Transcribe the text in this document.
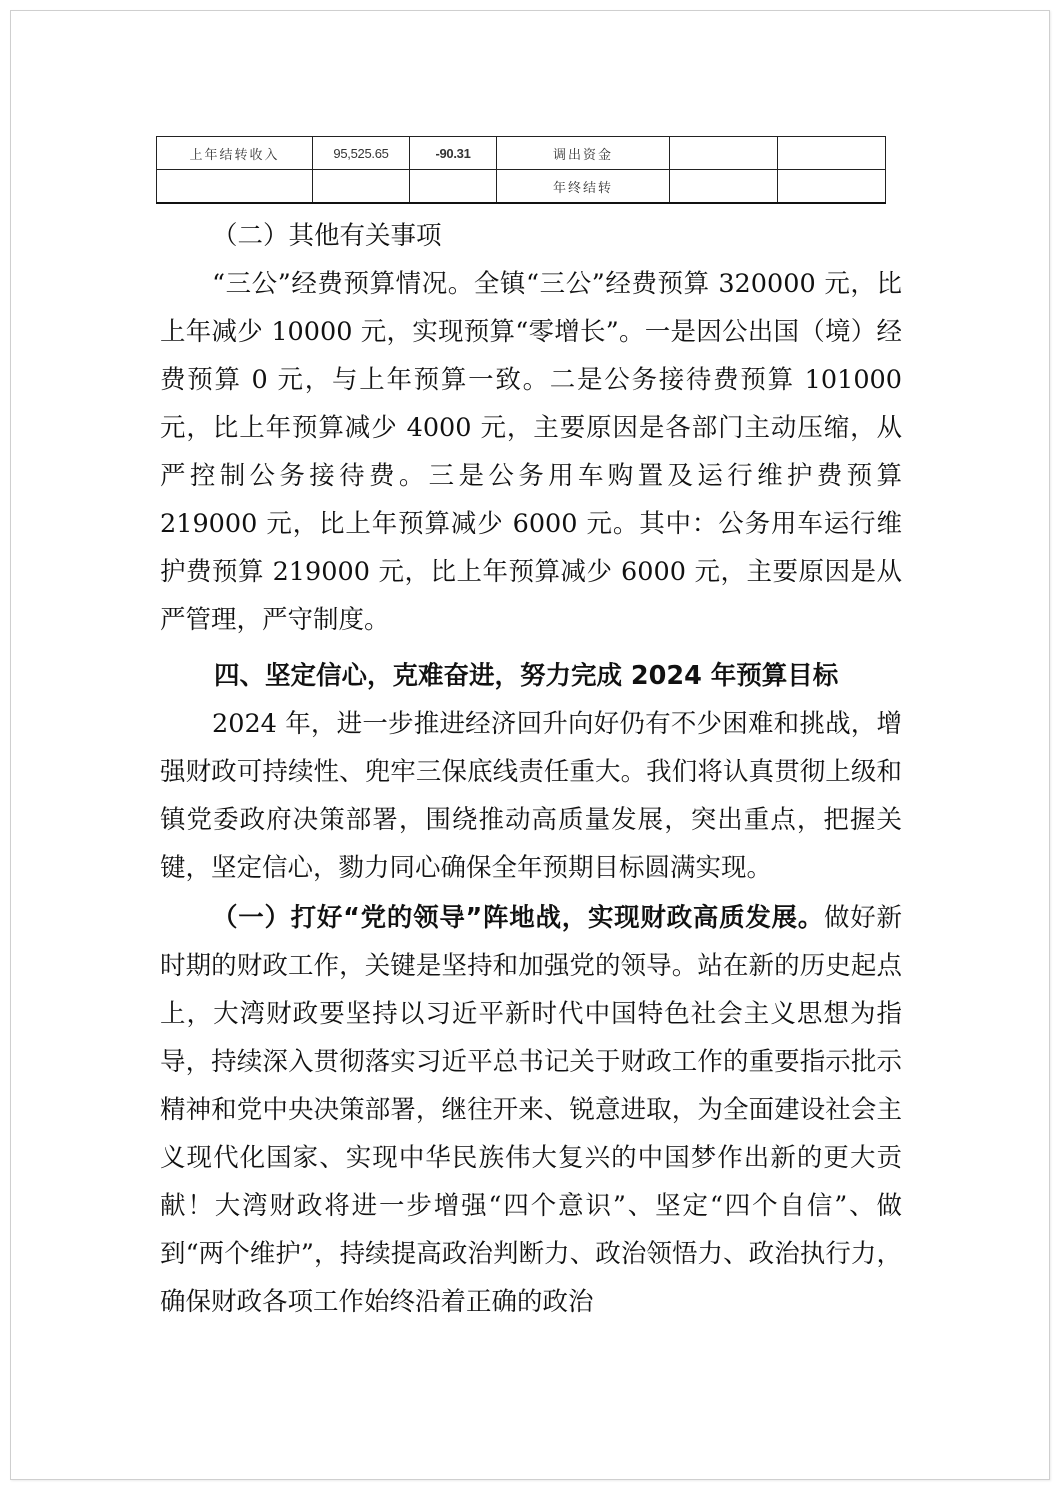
上年结转收入	95,525.65	-90.31	调出资金		
			年终结转		

（二）其他有关事项

“三公”经费预算情况。全镇“三公”经费预算 320000 元，比上年减少 10000 元，实现预算“零增长”。一是因公出国（境）经费预算 0 元，与上年预算一致。二是公务接待费预算 101000 元，比上年预算减少 4000 元，主要原因是各部门主动压缩，从严控制公务接待费。三是公务用车购置及运行维护费预算 219000 元，比上年预算减少 6000 元。其中：公务用车运行维护费预算 219000 元，比上年预算减少 6000 元，主要原因是从严管理，严守制度。

四、坚定信心，克难奋进，努力完成 2024 年预算目标

2024 年，进一步推进经济回升向好仍有不少困难和挑战，增强财政可持续性、兜牢三保底线责任重大。我们将认真贯彻上级和镇党委政府决策部署，围绕推动高质量发展，突出重点，把握关键，坚定信心，勠力同心确保全年预期目标圆满实现。

（一）打好“党的领导”阵地战，实现财政高质发展。做好新时期的财政工作，关键是坚持和加强党的领导。站在新的历史起点上，大湾财政要坚持以习近平新时代中国特色社会主义思想为指导，持续深入贯彻落实习近平总书记关于财政工作的重要指示批示精神和党中央决策部署，继往开来、锐意进取，为全面建设社会主义现代化国家、实现中华民族伟大复兴的中国梦作出新的更大贡献！大湾财政将进一步增强“四个意识”、坚定“四个自信”、做到“两个维护”，持续提高政治判断力、政治领悟力、政治执行力，确保财政各项工作始终沿着正确的政治
